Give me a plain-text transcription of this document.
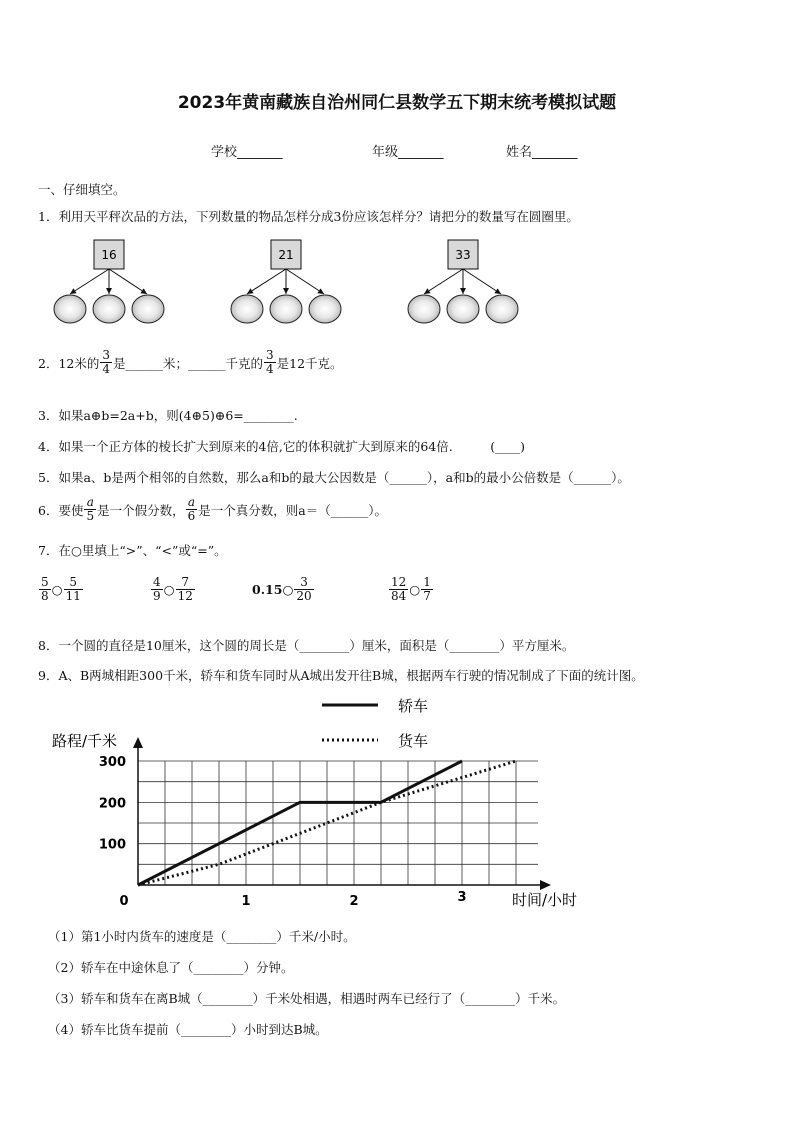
2023年黄南藏族自治州同仁县数学五下期末统考模拟试题
学校_______	年级_______	姓名_______
一、仔细填空。
1．利用天平秤次品的方法，下列数量的物品怎样分成3份应该怎样分？请把分的数量写在圆圈里。
16	21	33
2．12米的 $\frac{3}{4}$ 是______米；______千克的 $\frac{3}{4}$ 是12千克。
3．如果a⊕b=2a+b，则(4⊕5)⊕6=________.
4．如果一个正方体的棱长扩大到原来的4倍,它的体积就扩大到原来的64倍.　　　(____)
5．如果a、b是两个相邻的自然数，那么a和b的最大公因数是（______），a和b的最小公倍数是（______）。
6．要使 $\frac{a}{5}$ 是一个假分数， $\frac{a}{6}$ 是一个真分数，则a＝（______）。
7．在○里填上“>”、“<”或“=”。
$\frac{5}{8}$ ○ $\frac{5}{11}$	$\frac{4}{9}$ ○ $\frac{7}{12}$	0.15 ○ $\frac{3}{20}$	$\frac{12}{84}$ ○ $\frac{1}{7}$
8．一个圆的直径是10厘米，这个圆的周长是（________）厘米，面积是（________）平方厘米。
9．A、B两城相距300千米，轿车和货车同时从A城出发开往B城，根据两车行驶的情况制成了下面的统计图。
轿车
货车
路程/千米
时间/小时
100
200
300
0	1	2	3
（1）第1小时内货车的速度是（________）千米/小时。
（2）轿车在中途休息了（________）分钟。
（3）轿车和货车在离B城（________）千米处相遇，相遇时两车已经行了（________）千米。
（4）轿车比货车提前（________）小时到达B城。
